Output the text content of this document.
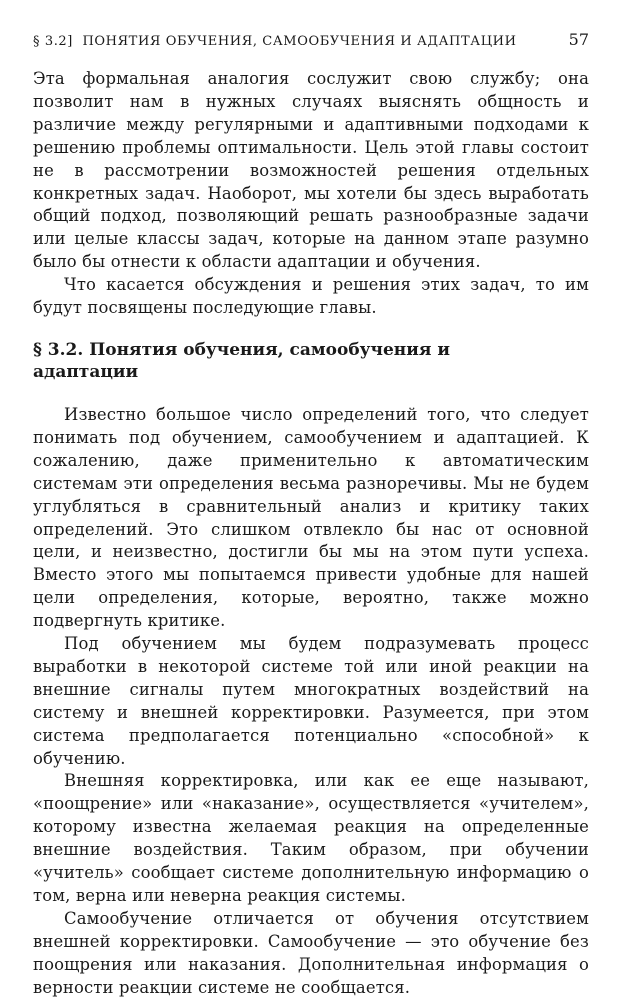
§ 3.2] ПОНЯТИЯ ОБУЧЕНИЯ, САМООБУЧЕНИЯ И АДАПТАЦИИ	57

Эта формальная аналогия сослужит свою службу; она позволит нам в нужных случаях выяснять общность и различие между регулярными и адаптивными подходами к решению проблемы оптимальности. Цель этой главы состоит не в рассмотрении возможностей решения отдельных конкретных задач. Наоборот, мы хотели бы здесь выработать общий подход, позволяющий решать разнообразные задачи или целые классы задач, которые на данном этапе разумно было бы отнести к области адаптации и обучения.

Что касается обсуждения и решения этих задач, то им будут посвящены последующие главы.

§ 3.2. Понятия обучения, самообучения и адаптации

Известно большое число определений того, что следует понимать под обучением, самообучением и адаптацией. К сожалению, даже применительно к автоматическим системам эти определения весьма разноречивы. Мы не будем углубляться в сравнительный анализ и критику таких определений. Это слишком отвлекло бы нас от основной цели, и неизвестно, достигли бы мы на этом пути успеха. Вместо этого мы попытаемся привести удобные для нашей цели определения, которые, вероятно, также можно подвергнуть критике.

Под обучением мы будем подразумевать процесс выработки в некоторой системе той или иной реакции на внешние сигналы путем многократных воздействий на систему и внешней корректировки. Разумеется, при этом система предполагается потенциально «способной» к обучению.

Внешняя корректировка, или как ее еще называют, «поощрение» или «наказание», осуществляется «учителем», которому известна желаемая реакция на определенные внешние воздействия. Таким образом, при обучении «учитель» сообщает системе дополнительную информацию о том, верна или неверна реакция системы.

Самообучение отличается от обучения отсутствием внешней корректировки. Самообучение — это обучение без поощрения или наказания. Дополнительная информация о верности реакции системе не сообщается.
